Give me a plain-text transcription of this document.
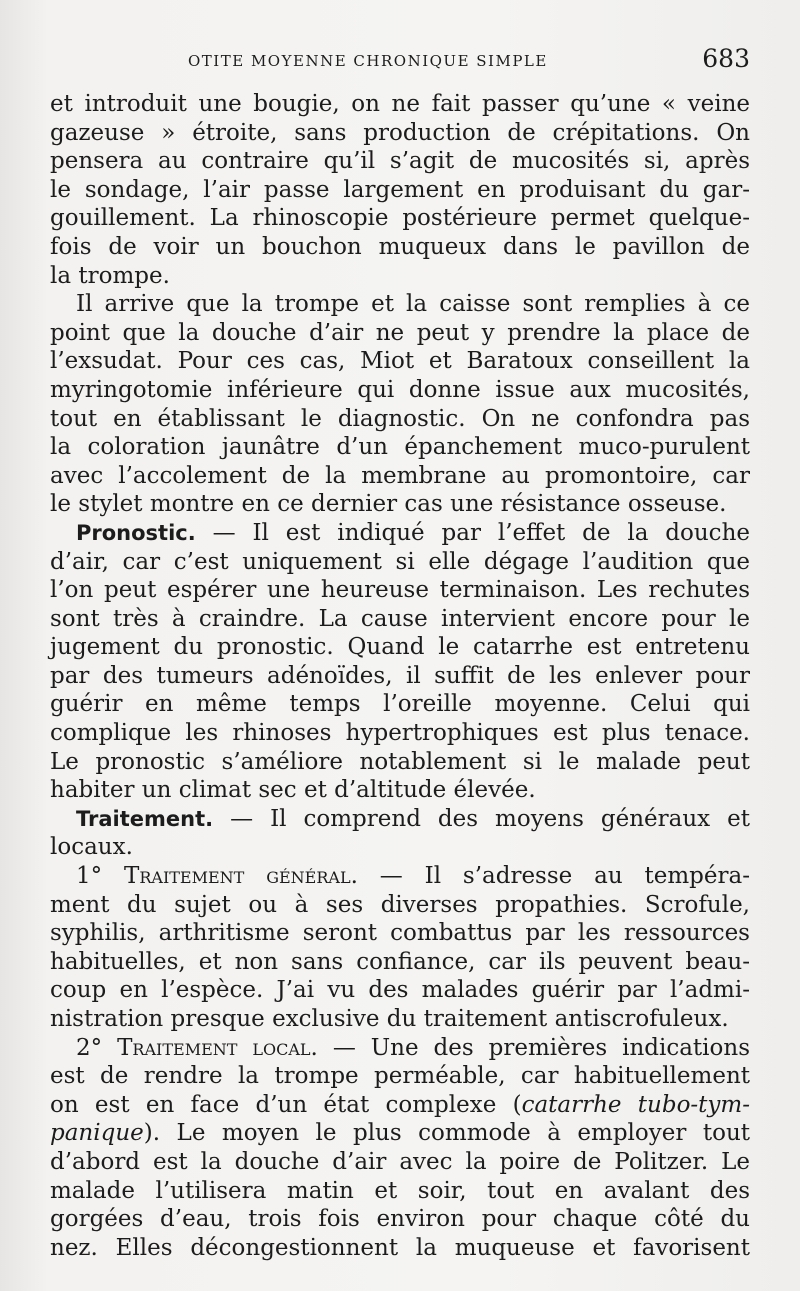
OTITE MOYENNE CHRONIQUE SIMPLE	683
et introduit une bougie, on ne fait passer qu’une « veine
gazeuse » étroite, sans production de crépitations. On
pensera au contraire qu’il s’agit de mucosités si, après
le sondage, l’air passe largement en produisant du gar-
gouillement. La rhinoscopie postérieure permet quelque-
fois de voir un bouchon muqueux dans le pavillon de
la trompe.
Il arrive que la trompe et la caisse sont remplies à ce
point que la douche d’air ne peut y prendre la place de
l’exsudat. Pour ces cas, Miot et Baratoux conseillent la
myringotomie inférieure qui donne issue aux mucosités,
tout en établissant le diagnostic. On ne confondra pas
la coloration jaunâtre d’un épanchement muco-purulent
avec l’accolement de la membrane au promontoire, car
le stylet montre en ce dernier cas une résistance osseuse.
Pronostic. — Il est indiqué par l’effet de la douche
d’air, car c’est uniquement si elle dégage l’audition que
l’on peut espérer une heureuse terminaison. Les rechutes
sont très à craindre. La cause intervient encore pour le
jugement du pronostic. Quand le catarrhe est entretenu
par des tumeurs adénoïdes, il suffit de les enlever pour
guérir en même temps l’oreille moyenne. Celui qui
complique les rhinoses hypertrophiques est plus tenace.
Le pronostic s’améliore notablement si le malade peut
habiter un climat sec et d’altitude élevée.
Traitement. — Il comprend des moyens généraux et
locaux.
1° Traitement général. — Il s’adresse au tempéra-
ment du sujet ou à ses diverses propathies. Scrofule,
syphilis, arthritisme seront combattus par les ressources
habituelles, et non sans confiance, car ils peuvent beau-
coup en l’espèce. J’ai vu des malades guérir par l’admi-
nistration presque exclusive du traitement antiscrofuleux.
2° Traitement local. — Une des premières indications
est de rendre la trompe perméable, car habituellement
on est en face d’un état complexe (catarrhe tubo-tym-
panique). Le moyen le plus commode à employer tout
d’abord est la douche d’air avec la poire de Politzer. Le
malade l’utilisera matin et soir, tout en avalant des
gorgées d’eau, trois fois environ pour chaque côté du
nez. Elles décongestionnent la muqueuse et favorisent
